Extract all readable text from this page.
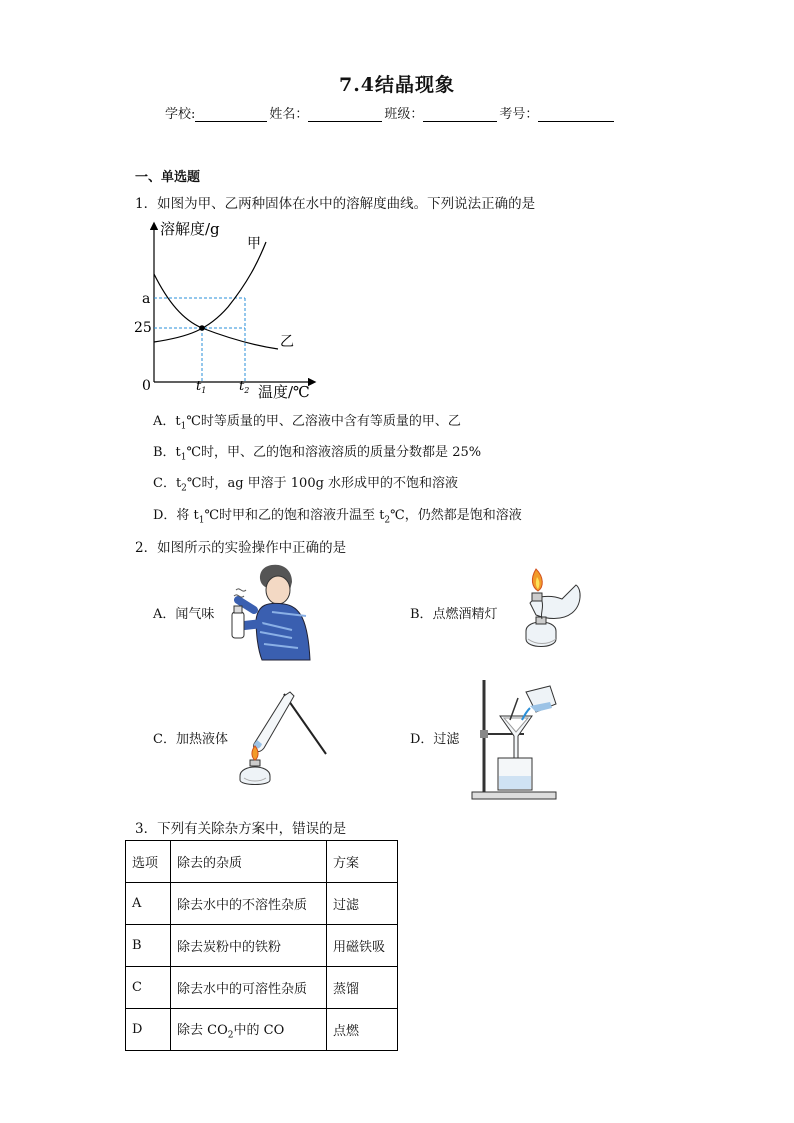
7.4结晶现象
学校:	姓名：	班级：	考号：
一、单选题
1．如图为甲、乙两种固体在水中的溶解度曲线。下列说法正确的是
溶解度/g
0
a
25
甲
乙
$t_1$	$t_2$ 温度/℃
A．$t_1℃$时等质量的甲、乙溶液中含有等质量的甲、乙
B．$t_1℃$时，甲、乙的饱和溶液溶质的质量分数都是 25%
C．$t_2℃$时，ag 甲溶于 100g 水形成甲的不饱和溶液
D．将 $t_1℃$时甲和乙的饱和溶液升温至 $t_2℃$，仍然都是饱和溶液
2．如图所示的实验操作中正确的是
A．闻气味	B．点燃酒精灯
C．加热液体	D．过滤
3．下列有关除杂方案中，错误的是
选项	除去的杂质	方案
A	除去水中的不溶性杂质	过滤
B	除去炭粉中的铁粉	用磁铁吸
C	除去水中的可溶性杂质	蒸馏
D	除去 $CO_2$中的 CO	点燃
